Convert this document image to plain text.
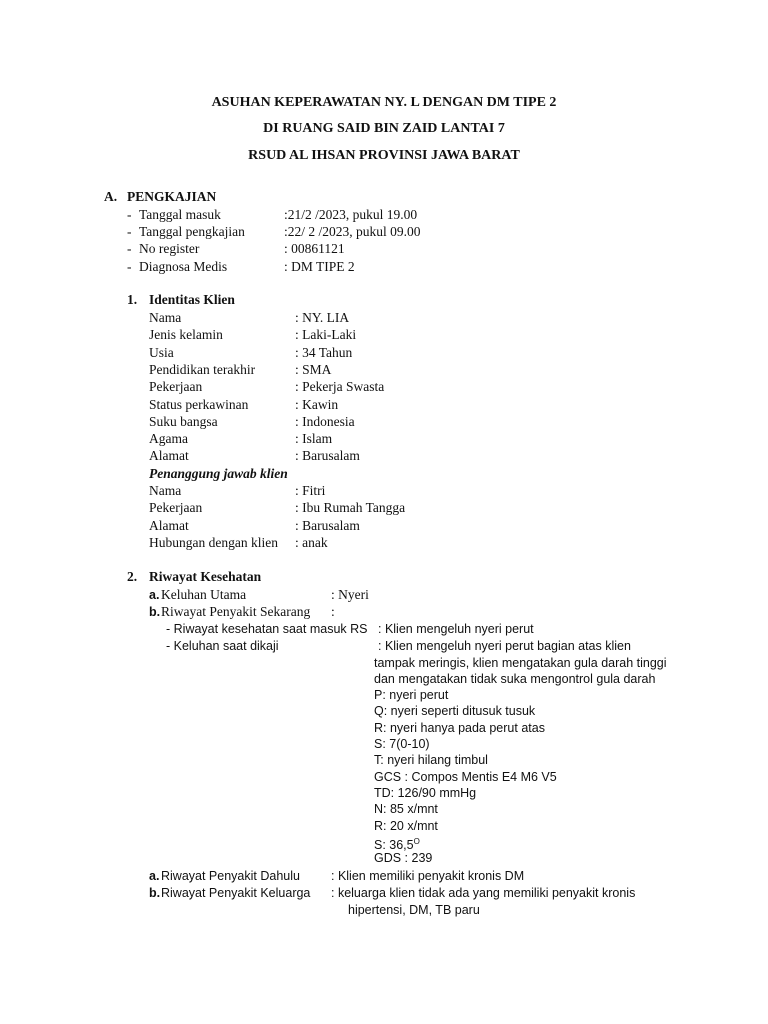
ASUHAN KEPERAWATAN NY. L DENGAN DM TIPE 2
DI RUANG SAID BIN ZAID LANTAI 7
RSUD AL IHSAN PROVINSI JAWA BARAT
A. PENGKAJIAN
- Tanggal masuk	:21/2 /2023, pukul 19.00
- Tanggal pengkajian	:22/ 2 /2023, pukul 09.00
- No register	: 00861121
- Diagnosa Medis	: DM TIPE 2
1. Identitas Klien
Nama	: NY. LIA
Jenis kelamin	: Laki-Laki
Usia	: 34 Tahun
Pendidikan terakhir	: SMA
Pekerjaan	: Pekerja Swasta
Status perkawinan	: Kawin
Suku bangsa	: Indonesia
Agama	: Islam
Alamat	: Barusalam
Penanggung jawab klien
Nama	: Fitri
Pekerjaan	: Ibu Rumah Tangga
Alamat	: Barusalam
Hubungan dengan klien : anak
2. Riwayat Kesehatan
a. Keluhan Utama	: Nyeri
b. Riwayat Penyakit Sekarang :
- Riwayat kesehatan saat masuk RS : Klien mengeluh nyeri perut
- Keluhan saat dikaji	: Klien mengeluh nyeri perut bagian atas klien
tampak meringis, klien mengatakan gula darah tinggi
dan mengatakan tidak suka mengontrol gula darah
P: nyeri perut
Q: nyeri seperti ditusuk tusuk
R: nyeri hanya pada perut atas
S: 7(0-10)
T: nyeri hilang timbul
GCS : Compos Mentis E4 M6 V5
TD: 126/90 mmHg
N: 85 x/mnt
R: 20 x/mnt
S: $36,5^O$
GDS : 239
a. Riwayat Penyakit Dahulu : Klien memiliki penyakit kronis DM
b. Riwayat Penyakit Keluarga : keluarga klien tidak ada yang memiliki penyakit kronis
hipertensi, DM, TB paru
